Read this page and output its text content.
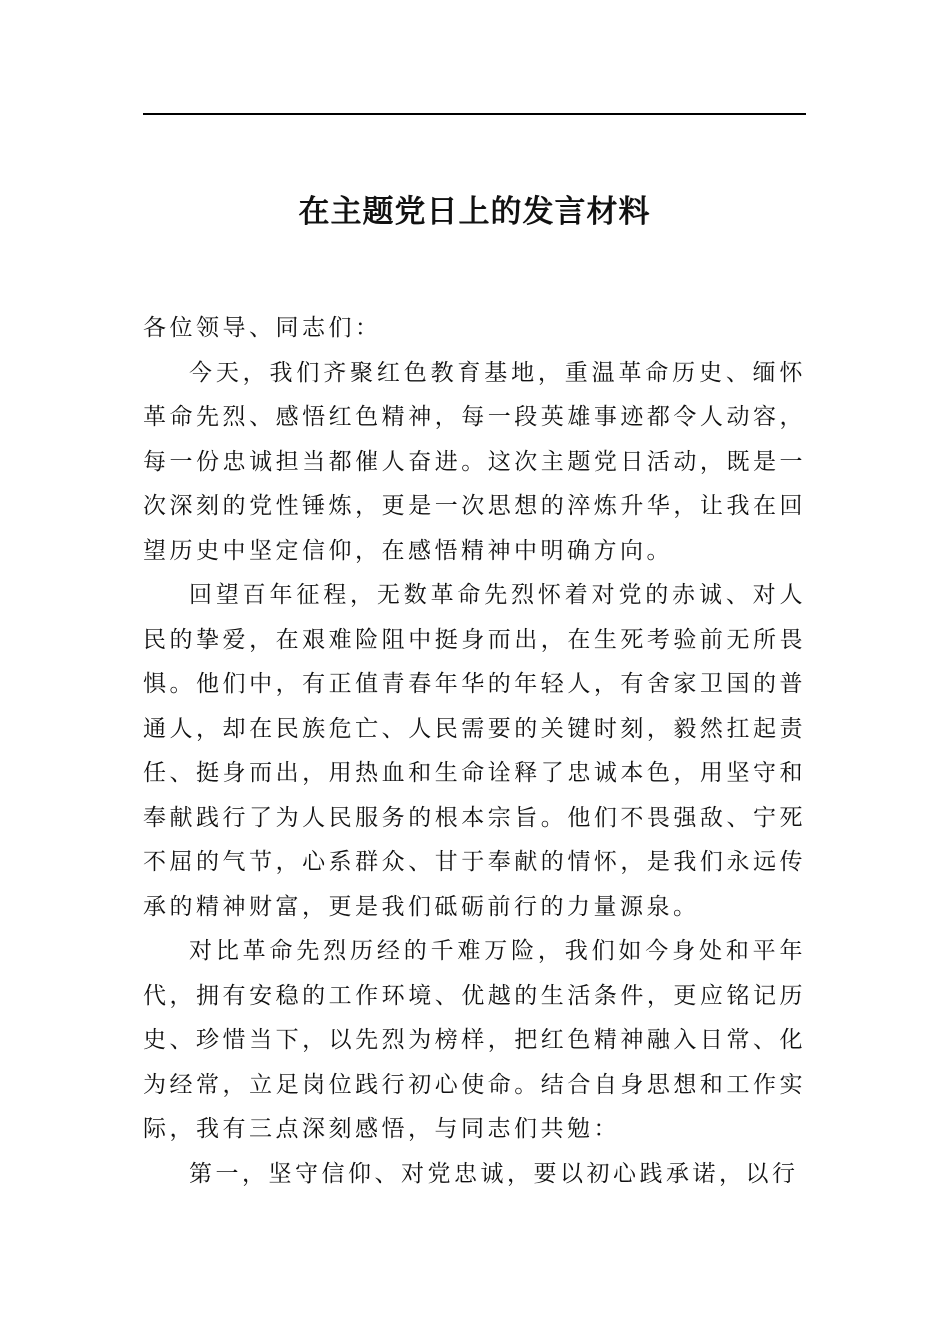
在主题党日上的发言材料

各位领导、同志们：

今天，我们齐聚红色教育基地，重温革命历史、缅怀革命先烈、感悟红色精神，每一段英雄事迹都令人动容，每一份忠诚担当都催人奋进。这次主题党日活动，既是一次深刻的党性锤炼，更是一次思想的淬炼升华，让我在回望历史中坚定信仰，在感悟精神中明确方向。

回望百年征程，无数革命先烈怀着对党的赤诚、对人民的挚爱，在艰难险阻中挺身而出，在生死考验前无所畏惧。他们中，有正值青春年华的年轻人，有舍家卫国的普通人，却在民族危亡、人民需要的关键时刻，毅然扛起责任、挺身而出，用热血和生命诠释了忠诚本色，用坚守和奉献践行了为人民服务的根本宗旨。他们不畏强敌、宁死不屈的气节，心系群众、甘于奉献的情怀，是我们永远传承的精神财富，更是我们砥砺前行的力量源泉。

对比革命先烈历经的千难万险，我们如今身处和平年代，拥有安稳的工作环境、优越的生活条件，更应铭记历史、珍惜当下，以先烈为榜样，把红色精神融入日常、化为经常，立足岗位践行初心使命。结合自身思想和工作实际，我有三点深刻感悟，与同志们共勉：

第一，坚守信仰、对党忠诚，要以初心践承诺，以行
